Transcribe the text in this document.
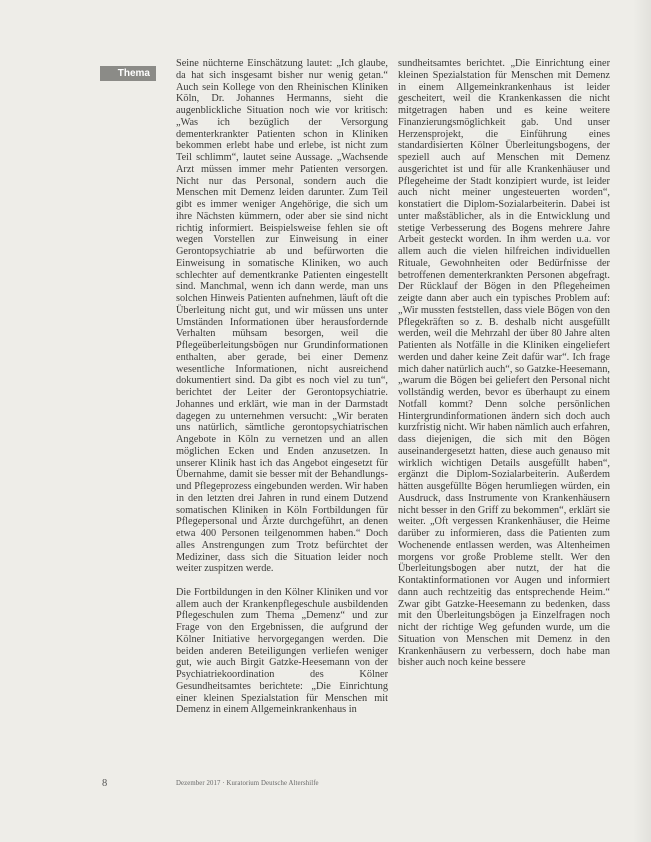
Thema

Seine nüchterne Einschätzung lautet: „Ich glaube, da hat sich insgesamt bisher nur wenig getan.“ Auch sein Kollege von den Rheinischen Kliniken Köln, Dr. Johannes Hermanns, sieht die augenblickliche Situation noch wie vor kritisch: „Was ich bezüglich der Versorgung dementerkrankter Patienten schon in Kliniken bekommen erlebt habe und erlebe, ist nicht zum Teil schlimm“, lautet seine Aussage. „Wachsende Arzt müssen immer mehr Patienten versorgen. Nicht nur das Personal, sondern auch die Menschen mit Demenz leiden darunter. Zum Teil gibt es immer weniger Angehörige, die sich um ihre Nächsten kümmern, oder aber sie sind nicht richtig informiert. Beispielsweise fehlen sie oft wegen Vorstellen zur Einweisung in einer Gerontopsychiatrie ab und befürworten die Einweisung in somatische Kliniken, wo auch schlechter auf dementkranke Patienten eingestellt sind. Manchmal, wenn ich dann werde, man uns solchen Hinweis Patienten aufnehmen, läuft oft die Überleitung nicht gut, und wir müssen uns unter Umständen Informationen über herausfordernde Verhalten mühsam besorgen, weil die Pflegeüberleitungsbögen nur Grundinformationen enthalten, aber gerade, bei einer Demenz wesentliche Informationen, nicht ausreichend dokumentiert sind. Da gibt es noch viel zu tun“, berichtet der Leiter der Gerontopsychiatrie. Johannes und erklärt, wie man in der Darmstadt dagegen zu unternehmen versucht: „Wir beraten uns natürlich, sämtliche gerontopsychiatrischen Angebote in Köln zu vernetzen und an allen möglichen Ecken und Enden anzusetzen. In unserer Klinik hast ich das Angebot eingesetzt für Übernahme, damit sie besser mit der Behandlungs- und Pflegeprozess eingebunden werden. Wir haben in den letzten drei Jahren in rund einem Dutzend somatischen Kliniken in Köln Fortbildungen für Pflegepersonal und Ärzte durchgeführt, an denen etwa 400 Personen teilgenommen haben.“ Doch alles Anstrengungen zum Trotz befürchtet der Mediziner, dass sich die Situation leider noch weiter zuspitzen werde.

Die Fortbildungen in den Kölner Kliniken und vor allem auch der Krankenpflegeschule ausbildenden Pflegeschulen zum Thema „Demenz“ und zur Frage von den Ergebnissen, die aufgrund der Kölner Initiative hervorgegangen werden. Die beiden anderen Beteiligungen verliefen weniger gut, wie auch Birgit Gatzke-Heesemann von der Psychiatriekoordination des Kölner Gesundheitsamtes berichtete: „Die Einrichtung einer kleinen Spezialstation für Menschen mit Demenz in einem Allgemeinkrankenhaus in

sundheitsamtes berichtet. „Die Einrichtung einer kleinen Spezialstation für Menschen mit Demenz in einem Allgemeinkrankenhaus ist leider gescheitert, weil die Krankenkassen die nicht mitgetragen haben und es keine weitere Finanzierungsmöglichkeit gab. Und unser Herzensprojekt, die Einführung eines standardisierten Kölner Überleitungsbogens, der speziell auch auf Menschen mit Demenz ausgerichtet ist und für alle Krankenhäuser und Pflegeheime der Stadt konzipiert wurde, ist leider auch nicht meiner ungesteuerten worden“, konstatiert die Diplom-Sozialarbeiterin. Dabei ist unter maßstäblicher, als in die Entwicklung und stetige Verbesserung des Bogens mehrere Jahre Arbeit gesteckt worden. In ihm werden u.a. vor allem auch die vielen hilfreichen individuellen Rituale, Gewohnheiten oder Bedürfnisse der betroffenen dementerkrankten Personen abgefragt. Der Rücklauf der Bögen in den Pflegeheimen zeigte dann aber auch ein typisches Problem auf: „Wir mussten feststellen, dass viele Bögen von den Pflegekräften so z. B. deshalb nicht ausgefüllt werden, weil die Mehrzahl der über 80 Jahre alten Patienten als Notfälle in die Kliniken eingeliefert werden und daher keine Zeit dafür war“. Ich frage mich daher natürlich auch“, so Gatzke-Heesemann, „warum die Bögen bei geliefert den Personal nicht vollständig werden, bevor es überhaupt zu einem Notfall kommt? Denn solche persönlichen Hintergrundinformationen ändern sich doch auch kurzfristig nicht. Wir haben nämlich auch erfahren, dass diejenigen, die sich mit den Bögen auseinandergesetzt hatten, diese auch genauso mit wirklich wichtigen Details ausgefüllt haben“, ergänzt die Diplom-Sozialarbeiterin. Außerdem hätten ausgefüllte Bögen herumliegen würden, ein Ausdruck, dass Instrumente von Krankenhäusern nicht besser in den Griff zu bekommen“, erklärt sie weiter. „Oft vergessen Krankenhäuser, die Heime darüber zu informieren, dass die Patienten zum Wochenende entlassen werden, was Altenheimen morgens vor große Probleme stellt. Wer den Überleitungsbogen aber nutzt, der hat die Kontaktinformationen vor Augen und informiert dann auch rechtzeitig das entsprechende Heim.“ Zwar gibt Gatzke-Heesemann zu bedenken, dass mit den Überleitungsbögen ja Einzelfragen noch nicht der richtige Weg gefunden wurde, um die Situation von Menschen mit Demenz in den Krankenhäusern zu verbessern, doch habe man bisher auch noch keine bessere

8	Dezember 2017 · Kuratorium Deutsche Altershilfe
